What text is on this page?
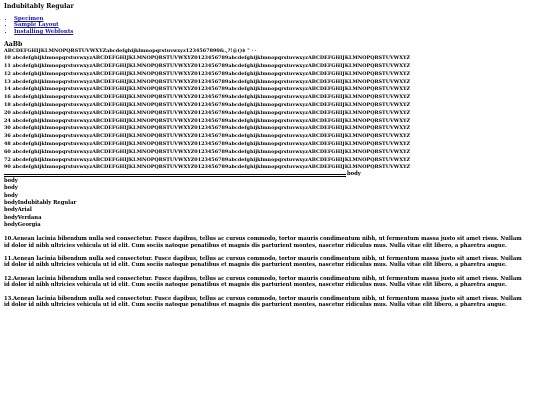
Indubitably Regular
• Specimen
• Sample Layout
• Installing Webfonts
AaBb
ABCDEFGHIJKLMNOPQRSTUVWXYZabcdefghijklmnopqrstuvwxyz1234567890&.,?!@()$ " · ·
10 abcdefghijklmnopqrstuvwxyzABCDEFGHIJKLMNOPQRSTUVWXYZ0123456789abcdefghijklmnopqrstuvwxyzABCDEFGHIJKLMNOPQRSTUVWXYZ
11 abcdefghijklmnopqrstuvwxyzABCDEFGHIJKLMNOPQRSTUVWXYZ0123456789abcdefghijklmnopqrstuvwxyzABCDEFGHIJKLMNOPQRSTUVWXYZ
12 abcdefghijklmnopqrstuvwxyzABCDEFGHIJKLMNOPQRSTUVWXYZ0123456789abcdefghijklmnopqrstuvwxyzABCDEFGHIJKLMNOPQRSTUVWXYZ
13 abcdefghijklmnopqrstuvwxyzABCDEFGHIJKLMNOPQRSTUVWXYZ0123456789abcdefghijklmnopqrstuvwxyzABCDEFGHIJKLMNOPQRSTUVWXYZ
14 abcdefghijklmnopqrstuvwxyzABCDEFGHIJKLMNOPQRSTUVWXYZ0123456789abcdefghijklmnopqrstuvwxyzABCDEFGHIJKLMNOPQRSTUVWXYZ
16 abcdefghijklmnopqrstuvwxyzABCDEFGHIJKLMNOPQRSTUVWXYZ0123456789abcdefghijklmnopqrstuvwxyzABCDEFGHIJKLMNOPQRSTUVWXYZ
18 abcdefghijklmnopqrstuvwxyzABCDEFGHIJKLMNOPQRSTUVWXYZ0123456789abcdefghijklmnopqrstuvwxyzABCDEFGHIJKLMNOPQRSTUVWXYZ
20 abcdefghijklmnopqrstuvwxyzABCDEFGHIJKLMNOPQRSTUVWXYZ0123456789abcdefghijklmnopqrstuvwxyzABCDEFGHIJKLMNOPQRSTUVWXYZ
24 abcdefghijklmnopqrstuvwxyzABCDEFGHIJKLMNOPQRSTUVWXYZ0123456789abcdefghijklmnopqrstuvwxyzABCDEFGHIJKLMNOPQRSTUVWXYZ
30 abcdefghijklmnopqrstuvwxyzABCDEFGHIJKLMNOPQRSTUVWXYZ0123456789abcdefghijklmnopqrstuvwxyzABCDEFGHIJKLMNOPQRSTUVWXYZ
36 abcdefghijklmnopqrstuvwxyzABCDEFGHIJKLMNOPQRSTUVWXYZ0123456789abcdefghijklmnopqrstuvwxyzABCDEFGHIJKLMNOPQRSTUVWXYZ
48 abcdefghijklmnopqrstuvwxyzABCDEFGHIJKLMNOPQRSTUVWXYZ0123456789abcdefghijklmnopqrstuvwxyzABCDEFGHIJKLMNOPQRSTUVWXYZ
60 abcdefghijklmnopqrstuvwxyzABCDEFGHIJKLMNOPQRSTUVWXYZ0123456789abcdefghijklmnopqrstuvwxyzABCDEFGHIJKLMNOPQRSTUVWXYZ
72 abcdefghijklmnopqrstuvwxyzABCDEFGHIJKLMNOPQRSTUVWXYZ0123456789abcdefghijklmnopqrstuvwxyzABCDEFGHIJKLMNOPQRSTUVWXYZ
90 abcdefghijklmnopqrstuvwxyzABCDEFGHIJKLMNOPQRSTUVWXYZ0123456789abcdefghijklmnopqrstuvwxyzABCDEFGHIJKLMNOPQRSTUVWXYZ
body
body
body
body
bodyIndubitably Regular
bodyArial
bodyVerdana
bodyGeorgia

10.Aenean lacinia bibendum nulla sed consectetur. Fusce dapibus, tellus ac cursus commodo, tortor mauris condimentum nibh, ut fermentum massa justo sit amet risus. Nullam id dolor id nibh ultricies vehicula ut id elit. Cum sociis natoque penatibus et magnis dis parturient montes, nascetur ridiculus mus. Nulla vitae elit libero, a pharetra augue.

11.Aenean lacinia bibendum nulla sed consectetur. Fusce dapibus, tellus ac cursus commodo, tortor mauris condimentum nibh, ut fermentum massa justo sit amet risus. Nullam id dolor id nibh ultricies vehicula ut id elit. Cum sociis natoque penatibus et magnis dis parturient montes, nascetur ridiculus mus. Nulla vitae elit libero, a pharetra augue.

12.Aenean lacinia bibendum nulla sed consectetur. Fusce dapibus, tellus ac cursus commodo, tortor mauris condimentum nibh, ut fermentum massa justo sit amet risus. Nullam id dolor id nibh ultricies vehicula ut id elit. Cum sociis natoque penatibus et magnis dis parturient montes, nascetur ridiculus mus. Nulla vitae elit libero, a pharetra augue.

13.Aenean lacinia bibendum nulla sed consectetur. Fusce dapibus, tellus ac cursus commodo, tortor mauris condimentum nibh, ut fermentum massa justo sit amet risus. Nullam id dolor id nibh ultricies vehicula ut id elit. Cum sociis natoque penatibus et magnis dis parturient montes, nascetur ridiculus mus. Nulla vitae elit libero, a pharetra augue.
